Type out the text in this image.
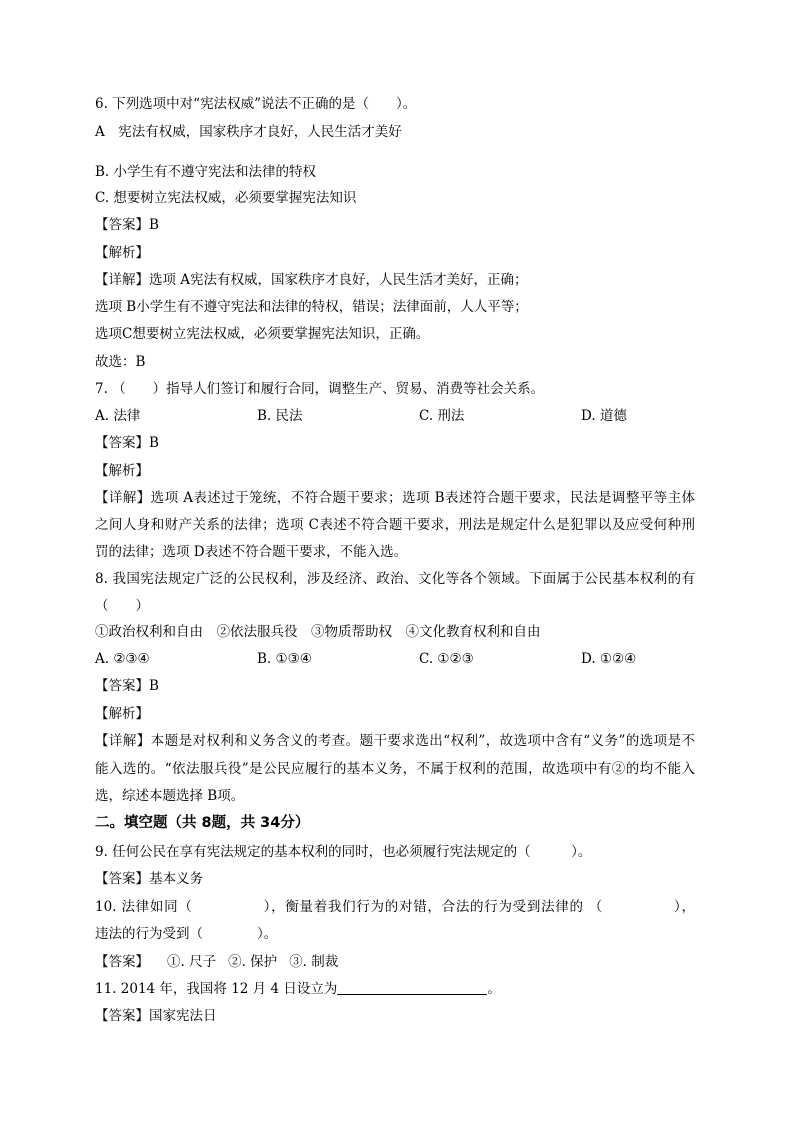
6. 下列选项中对“宪法权威”说法不正确的是（　　）。
A　宪法有权威，国家秩序才良好，人民生活才美好
B. 小学生有不遵守宪法和法律的特权
C. 想要树立宪法权威，必须要掌握宪法知识
【答案】B
【解析】
【详解】选项 A宪法有权威，国家秩序才良好，人民生活才美好，正确；
选项 B小学生有不遵守宪法和法律的特权，错误；法律面前，人人平等；
选项C想要树立宪法权威，必须要掌握宪法知识，正确。
故选：B
7. （　　）指导人们签订和履行合同，调整生产、贸易、消费等社会关系。
A. 法律	B. 民法	C. 刑法	D. 道德
【答案】B
【解析】
【详解】选项 A表述过于笼统，不符合题干要求；选项 B表述符合题干要求，民法是调整平等主体
之间人身和财产关系的法律；选项 C表述不符合题干要求，刑法是规定什么是犯罪以及应受何种刑
罚的法律；选项 D表述不符合题干要求，不能入选。
8. 我国宪法规定广泛的公民权利，涉及经济、政治、文化等各个领域。下面属于公民基本权利的有
（　　）
①政治权利和自由　②依法服兵役　③物质帮助权　④文化教育权利和自由
A. ②③④	B. ①③④	C. ①②③	D. ①②④
【答案】B
【解析】
【详解】本题是对权利和义务含义的考查。题干要求选出“权利”，故选项中含有“义务”的选项是不
能入选的。“依法服兵役”是公民应履行的基本义务，不属于权利的范围，故选项中有②的均不能入
选，综述本题选择 B项。
二。填空题（共 8题，共 34分）
9. 任何公民在享有宪法规定的基本权利的同时，也必须履行宪法规定的（　　　）。
【答案】基本义务
10. 法律如同（　　　　　），衡量着我们行为的对错，合法的行为受到法律的 （　　　　　），
违法的行为受到（　　　　）。
【答案】 ①. 尺子 ②. 保护 ③. 制裁
11. 2014 年，我国将 12 月 4 日设立为	。
【答案】国家宪法日
